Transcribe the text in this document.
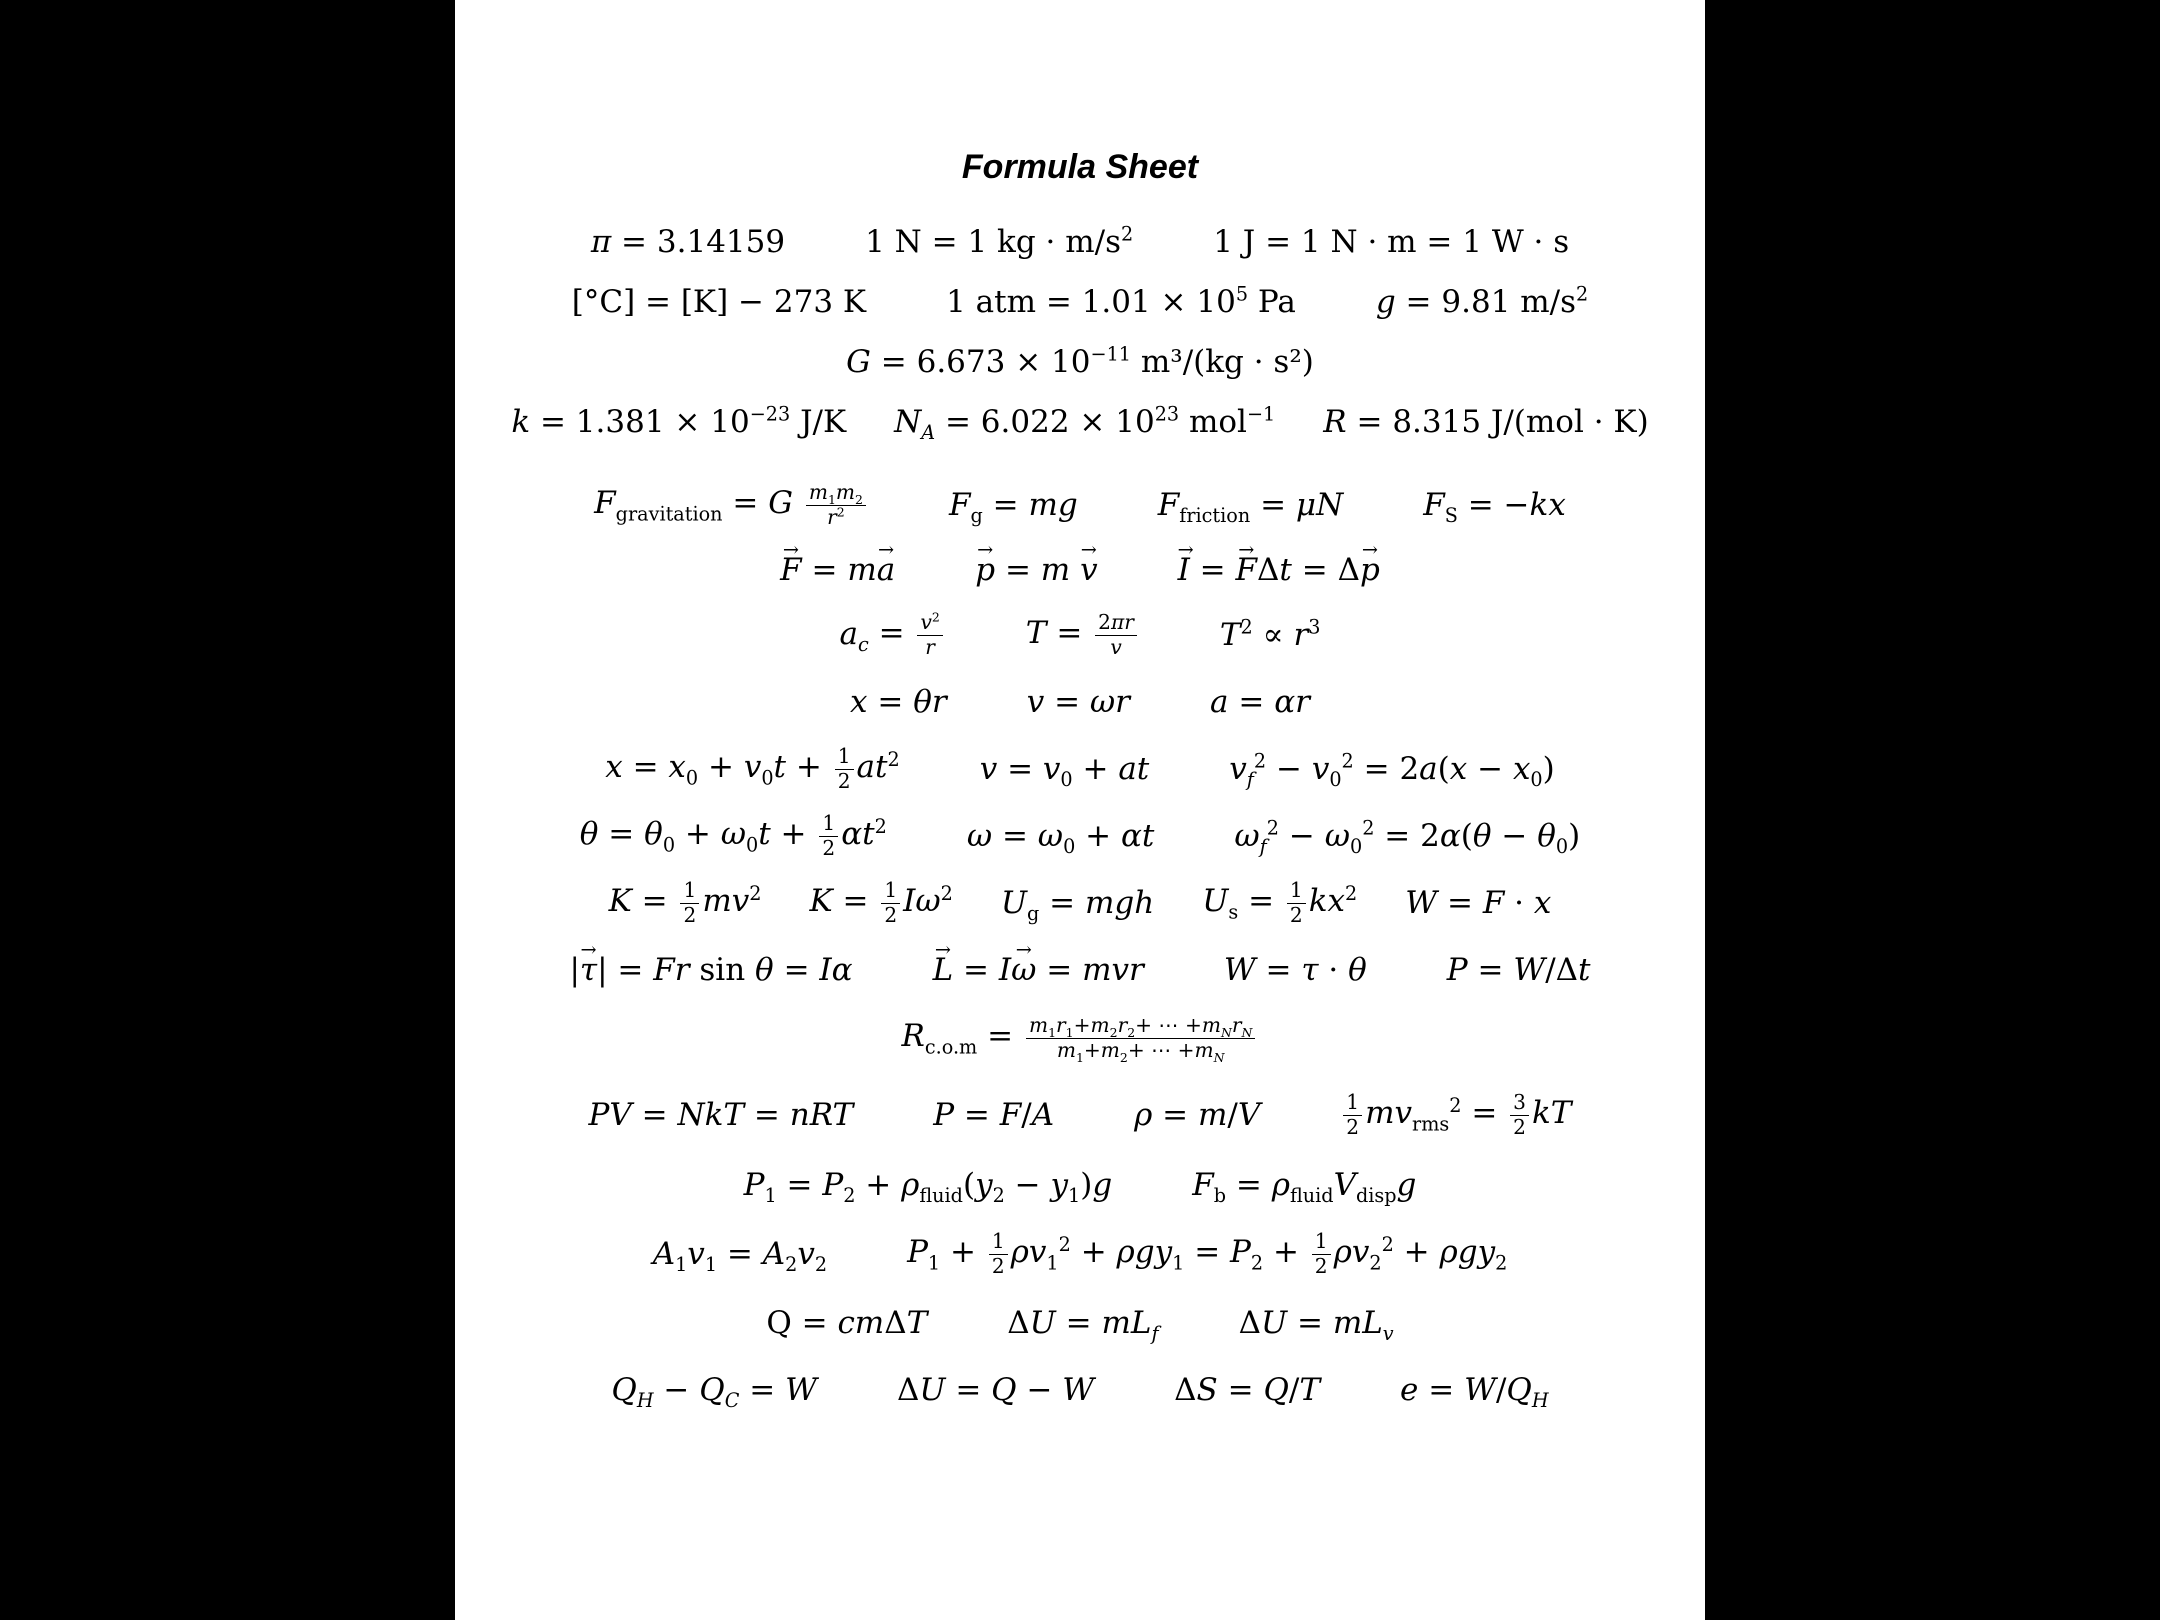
Formula Sheet
π = 3.14159	1 N = 1 kg · $m/s^2$	1 J = 1 N · m = 1 W · s
[°C] = [K] − 273 K	1 atm = $1.01 \times 10^5$ Pa	g = 9.81 $m/s^2$
$G = 6.673 \times 10^{-11}$ m³/(kg · s²)
$k = 1.381 \times 10^{-23}$ J/K $N_A = 6.022 \times 10^{23}$ mol$^{-1}$ R = 8.315 J/(mol · K)
$F_{gravitation} = G \frac{m_1m_2}{r^2}$	$F_g$ = mg	$F_{friction} = \mu N$	$F_S = -kx$
→ F = m→ a	→ p = m → v	→ I = → FΔt = Δ→ p
$a_c = \frac{v^2}{r}$	$T = \frac{2\pi r}{v}$	$T^2 \propto r^3$
x = θr	v = ωr	a = αr
$x = x_0 + v_0t + \frac{1}{2} at^2$	$v = v_0$ + at	$v_f^2 - v_0^2 = 2a(x - x_0)$
$\theta = \theta_0 + \omega_0t + \frac{1}{2} \alpha t^2$	$\omega = \omega_0 + \alpha t$	$\omega_f^2 - \omega_0^2 = 2\alpha(\theta - \theta_0)$
$K = \frac{1}{2} mv^2$ $K = \frac{1}{2} I\omega^2$ $U_g$ = mgh $U_s = \frac{1}{2} kx^2$ W = F · x
|→ τ| = Fr sin θ = Iα	→ L = I→ ω = mvr	W = τ · θ	P = W/Δt
$R_{c.o.m} = m_1r_1+m_2r_2+$ ⋯ $+m_Nr_N$
$m_1+m_2+$ ⋯ $+m_N$
PV = NkT = nRT	P = F/A	ρ = m/V	$\frac{1}{2} mv_{rms}^2 = \frac{3}{2}$ kT
$P_1 = P_2 + \rho_{fluid}(y_2 - y_1)g$	$F_b = \rho_{fluid}V_{disp}g$
$A_1v_1 = A_2v_2$	$P_1 + \frac{1}{2} \rho v_1^2 + \rho gy_1 = P_2 + \frac{1}{2} \rho v_2^2 + \rho gy_2$
Q = cmΔT	$\Delta U = mL_f$	$\Delta U = mL_v$
$Q_H - Q_C = W$	ΔU = Q − W	ΔS = Q/T	$e = W/Q_H$
